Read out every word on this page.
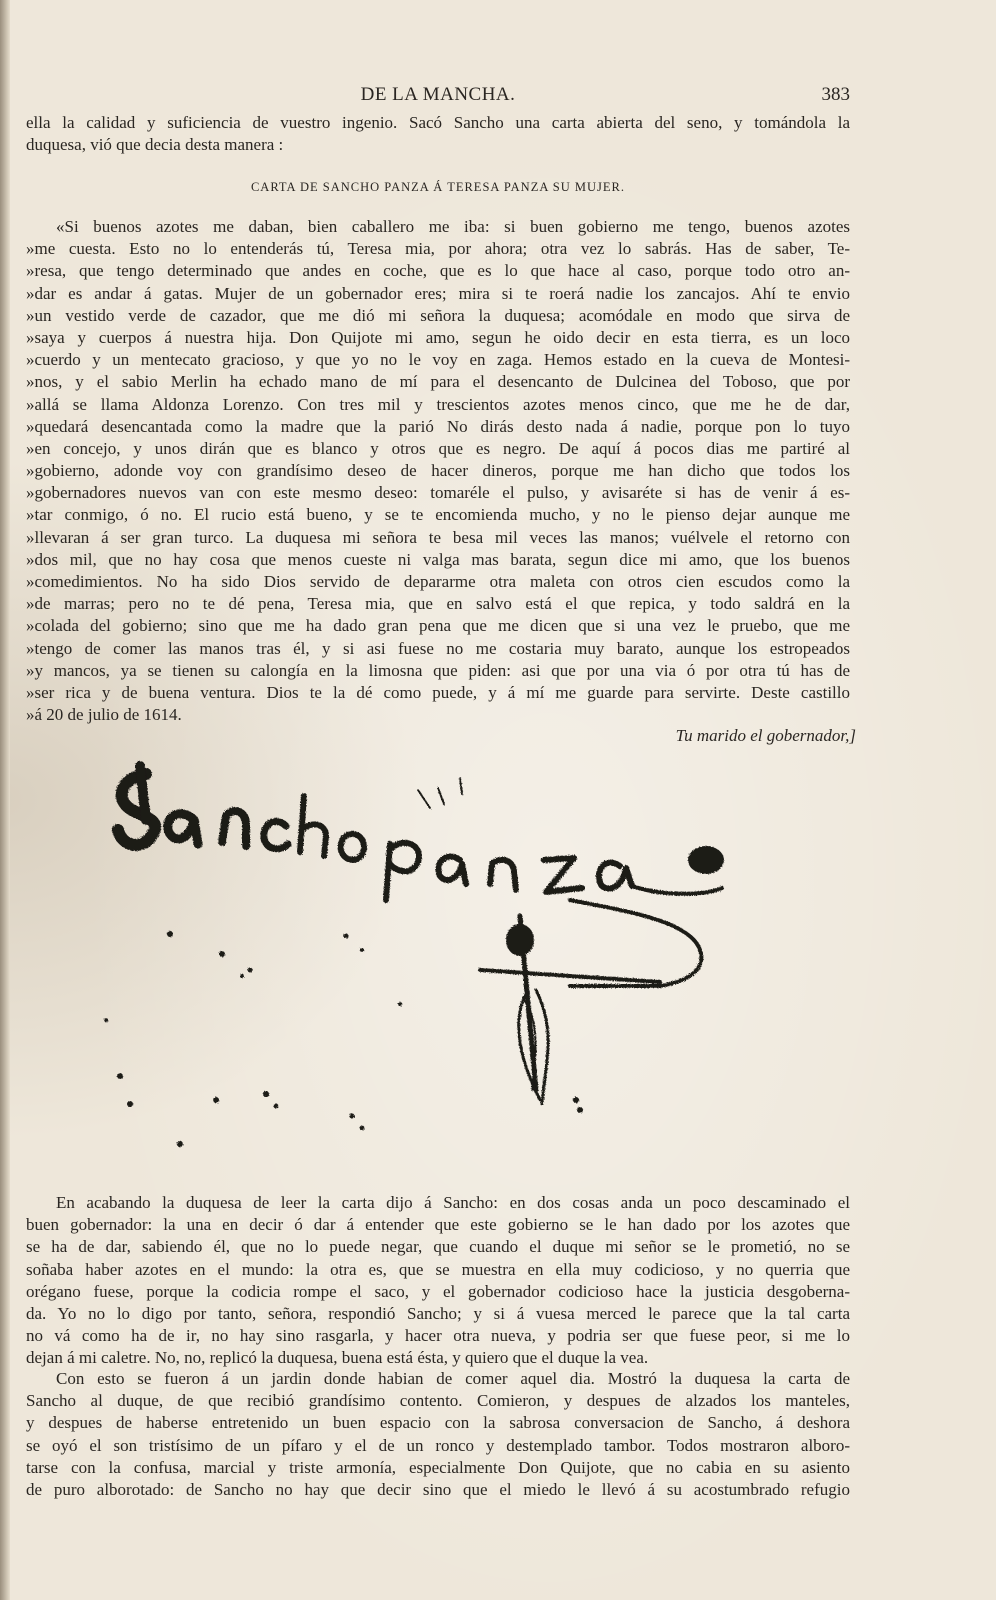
DE LA MANCHA.	383
ella la calidad y suficiencia de vuestro ingenio. Sacó Sancho una carta abierta del seno, y tomándola la
duquesa, vió que decia desta manera :
CARTA DE SANCHO PANZA Á TERESA PANZA SU MUJER.
«Si buenos azotes me daban, bien caballero me iba: si buen gobierno me tengo, buenos azotes
»me cuesta. Esto no lo entenderás tú, Teresa mia, por ahora; otra vez lo sabrás. Has de saber, Te-
»resa, que tengo determinado que andes en coche, que es lo que hace al caso, porque todo otro an-
»dar es andar á gatas. Mujer de un gobernador eres; mira si te roerá nadie los zancajos. Ahí te envio
»un vestido verde de cazador, que me dió mi señora la duquesa; acomódale en modo que sirva de
»saya y cuerpos á nuestra hija. Don Quijote mi amo, segun he oido decir en esta tierra, es un loco
»cuerdo y un mentecato gracioso, y que yo no le voy en zaga. Hemos estado en la cueva de Montesi-
»nos, y el sabio Merlin ha echado mano de mí para el desencanto de Dulcinea del Toboso, que por
»allá se llama Aldonza Lorenzo. Con tres mil y trescientos azotes menos cinco, que me he de dar,
»quedará desencantada como la madre que la parió No dirás desto nada á nadie, porque pon lo tuyo
»en concejo, y unos dirán que es blanco y otros que es negro. De aquí á pocos dias me partiré al
»gobierno, adonde voy con grandísimo deseo de hacer dineros, porque me han dicho que todos los
»gobernadores nuevos van con este mesmo deseo: tomaréle el pulso, y avisaréte si has de venir á es-
»tar conmigo, ó no. El rucio está bueno, y se te encomienda mucho, y no le pienso dejar aunque me
»llevaran á ser gran turco. La duquesa mi señora te besa mil veces las manos; vuélvele el retorno con
»dos mil, que no hay cosa que menos cueste ni valga mas barata, segun dice mi amo, que los buenos
»comedimientos. No ha sido Dios servido de depararme otra maleta con otros cien escudos como la
»de marras; pero no te dé pena, Teresa mia, que en salvo está el que repica, y todo saldrá en la
»colada del gobierno; sino que me ha dado gran pena que me dicen que si una vez le pruebo, que me
»tengo de comer las manos tras él, y si asi fuese no me costaria muy barato, aunque los estropeados
»y mancos, ya se tienen su calongía en la limosna que piden: asi que por una via ó por otra tú has de
»ser rica y de buena ventura. Dios te la dé como puede, y á mí me guarde para servirte. Deste castillo
»á 20 de julio de 1614.
Tu marido el gobernador,]
En acabando la duquesa de leer la carta dijo á Sancho: en dos cosas anda un poco descaminado el
buen gobernador: la una en decir ó dar á entender que este gobierno se le han dado por los azotes que
se ha de dar, sabiendo él, que no lo puede negar, que cuando el duque mi señor se le prometió, no se
soñaba haber azotes en el mundo: la otra es, que se muestra en ella muy codicioso, y no querria que
orégano fuese, porque la codicia rompe el saco, y el gobernador codicioso hace la justicia desgoberna-
da. Yo no lo digo por tanto, señora, respondió Sancho; y si á vuesa merced le parece que la tal carta
no vá como ha de ir, no hay sino rasgarla, y hacer otra nueva, y podria ser que fuese peor, si me lo
dejan á mi caletre. No, no, replicó la duquesa, buena está ésta, y quiero que el duque la vea.
Con esto se fueron á un jardin donde habian de comer aquel dia. Mostró la duquesa la carta de
Sancho al duque, de que recibió grandísimo contento. Comieron, y despues de alzados los manteles,
y despues de haberse entretenido un buen espacio con la sabrosa conversacion de Sancho, á deshora
se oyó el son tristísimo de un pífaro y el de un ronco y destemplado tambor. Todos mostraron alboro-
tarse con la confusa, marcial y triste armonía, especialmente Don Quijote, que no cabia en su asiento
de puro alborotado: de Sancho no hay que decir sino que el miedo le llevó á su acostumbrado refugio
